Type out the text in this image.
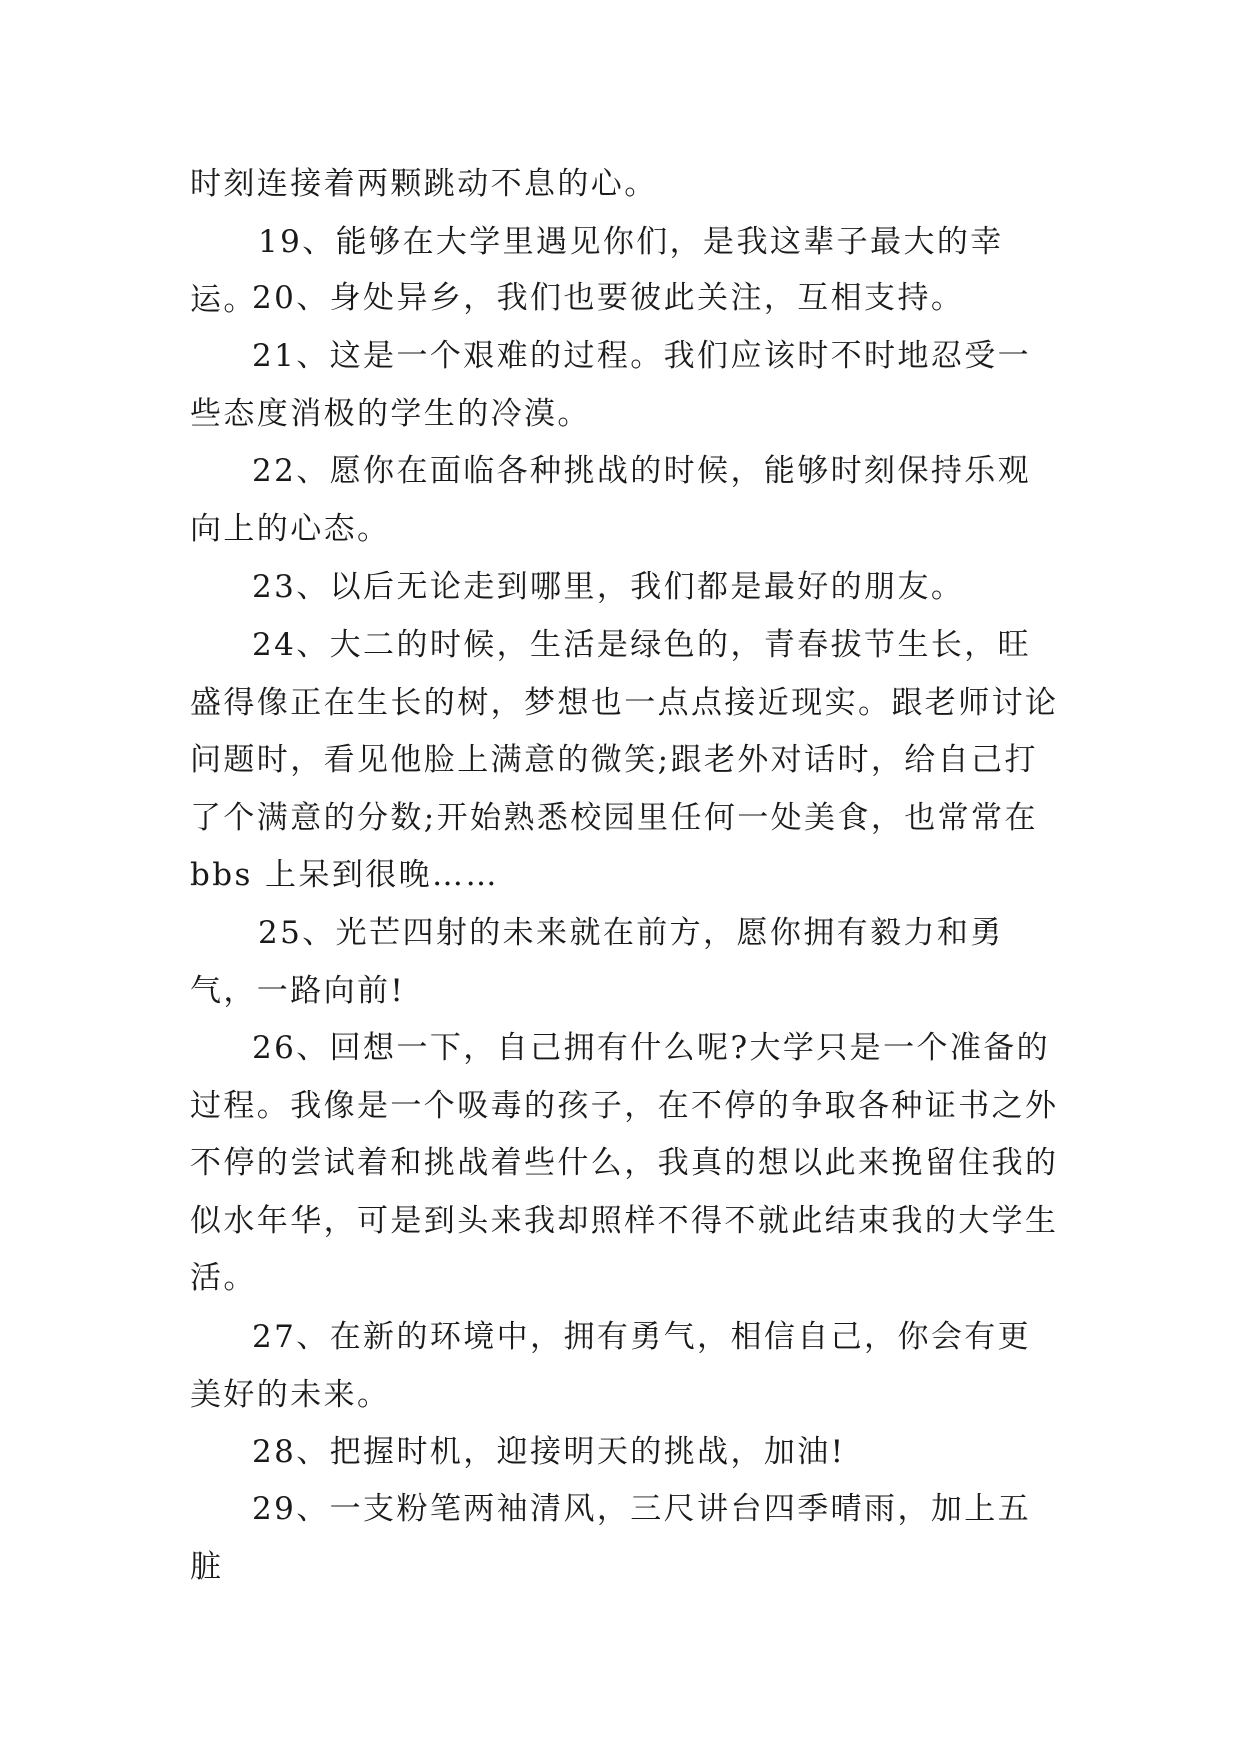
时刻连接着两颗跳动不息的心。

19、能够在大学里遇见你们，是我这辈子最大的幸运。

20、身处异乡，我们也要彼此关注，互相支持。

21、这是一个艰难的过程。我们应该时不时地忍受一些态度消极的学生的冷漠。

22、愿你在面临各种挑战的时候，能够时刻保持乐观向上的心态。

23、以后无论走到哪里，我们都是最好的朋友。

24、大二的时候，生活是绿色的，青春拔节生长，旺盛得像正在生长的树，梦想也一点点接近现实。跟老师讨论问题时，看见他脸上满意的微笑;跟老外对话时，给自己打了个满意的分数;开始熟悉校园里任何一处美食，也常常在 bbs 上呆到很晚……

25、光芒四射的未来就在前方，愿你拥有毅力和勇气，一路向前!

26、回想一下，自己拥有什么呢?大学只是一个准备的过程。我像是一个吸毒的孩子，在不停的争取各种证书之外不停的尝试着和挑战着些什么，我真的想以此来挽留住我的似水年华，可是到头来我却照样不得不就此结束我的大学生活。

27、在新的环境中，拥有勇气，相信自己，你会有更美好的未来。

28、把握时机，迎接明天的挑战，加油!

29、一支粉笔两袖清风，三尺讲台四季晴雨，加上五脏
